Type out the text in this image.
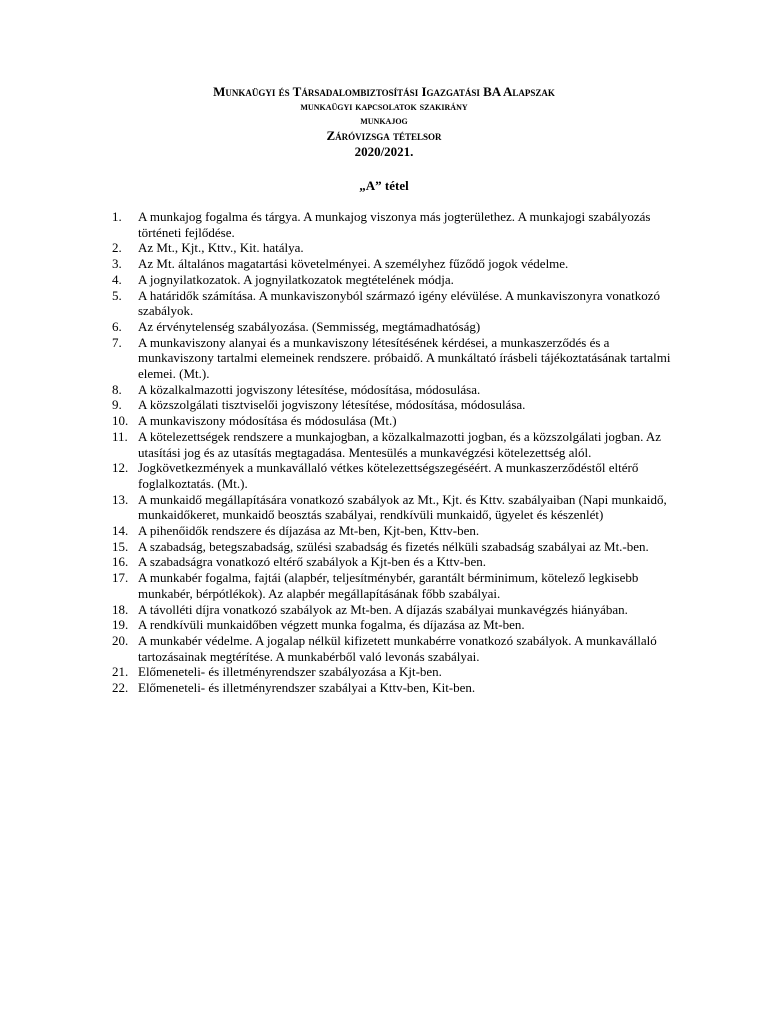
Munkaügyi és Társadalombiztosítási Igazgatási BA Alapszak
munkaügyi kapcsolatok szakirány
munkajog
Záróvizsga tételsor
2020/2021.
„A” tétel
1.	A munkajog fogalma és tárgya. A munkajog viszonya más jogterülethez. A munkajogi szabályozás történeti fejlődése.
2.	Az Mt., Kjt., Kttv., Kit. hatálya.
3.	Az Mt. általános magatartási követelményei. A személyhez fűződő jogok védelme.
4.	A jognyilatkozatok. A jognyilatkozatok megtételének módja.
5.	A határidők számítása. A munkaviszonyból származó igény elévülése. A munkaviszonyra vonatkozó szabályok.
6.	Az érvénytelenség szabályozása. (Semmisség, megtámadhatóság)
7.	A munkaviszony alanyai és a munkaviszony létesítésének kérdései, a munkaszerződés és a munkaviszony tartalmi elemeinek rendszere. próbaidő. A munkáltató írásbeli tájékoztatásának tartalmi elemei. (Mt.).
8.	A közalkalmazotti jogviszony létesítése, módosítása, módosulása.
9.	A közszolgálati tisztviselői jogviszony létesítése, módosítása, módosulása.
10. A munkaviszony módosítása és módosulása (Mt.)
11. A kötelezettségek rendszere a munkajogban, a közalkalmazotti jogban, és a közszolgálati jogban. Az utasítási jog és az utasítás megtagadása. Mentesülés a munkavégzési kötelezettség alól.
12. Jogkövetkezmények a munkavállaló vétkes kötelezettségszegéséért. A munkaszerződéstől eltérő foglalkoztatás. (Mt.).
13. A munkaidő megállapítására vonatkozó szabályok az Mt., Kjt. és Kttv. szabályaiban (Napi munkaidő, munkaidőkeret, munkaidő beosztás szabályai, rendkívüli munkaidő, ügyelet és készenlét)
14. A pihenőidők rendszere és díjazása az Mt-ben, Kjt-ben, Kttv-ben.
15. A szabadság, betegszabadság, szülési szabadság és fizetés nélküli szabadság szabályai az Mt.-ben.
16. A szabadságra vonatkozó eltérő szabályok a Kjt-ben és a Kttv-ben.
17. A munkabér fogalma, fajtái (alapbér, teljesítménybér, garantált bérminimum, kötelező legkisebb munkabér, bérpótlékok). Az alapbér megállapításának főbb szabályai.
18. A távolléti díjra vonatkozó szabályok az Mt-ben. A díjazás szabályai munkavégzés hiányában.
19. A rendkívüli munkaidőben végzett munka fogalma, és díjazása az Mt-ben.
20. A munkabér védelme. A jogalap nélkül kifizetett munkabérre vonatkozó szabályok. A munkavállaló tartozásainak megtérítése. A munkabérből való levonás szabályai.
21. Előmeneteli- és illetményrendszer szabályozása a Kjt-ben.
22. Előmeneteli- és illetményrendszer szabályai a Kttv-ben, Kit-ben.
